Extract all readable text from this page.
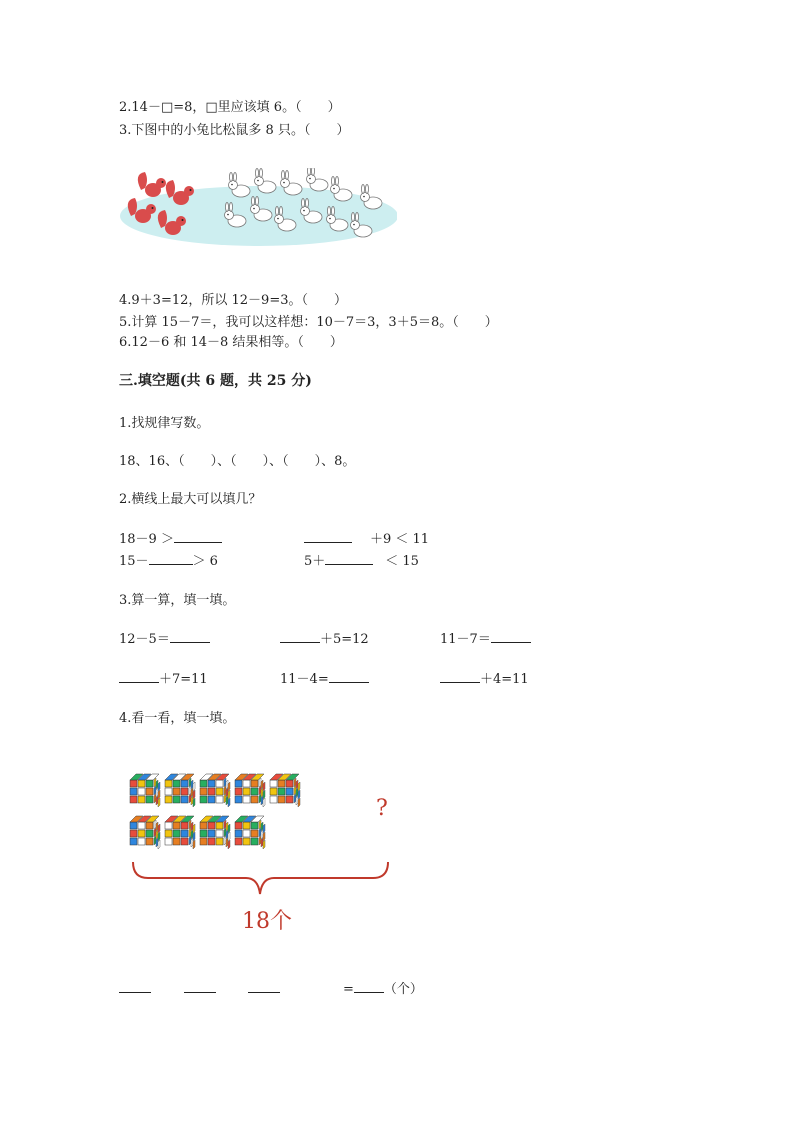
2.14－□=8，□里应该填 6。（　　）
3.下图中的小兔比松鼠多 8 只。（　　）
4.9＋3=12，所以 12－9=3。（　　）
5.计算 15－7＝，我可以这样想：10－7＝3，3＋5＝8。（　　）
6.12－6 和 14－8 结果相等。（　　）
三.填空题(共 6 题，共 25 分)
1.找规律写数。
18、16、（　　）、（　　）、（　　）、8。
2.横线上最大可以填几？
18－9 ＞	＋9 ＜ 11
15－	＞ 6	5＋	＜ 15
3.算一算，填一填。
12－5＝	＋5=12	11－7＝
＋7=11	11－4=	＋4=11
4.看一看，填一填。
?
18个
= （个）
